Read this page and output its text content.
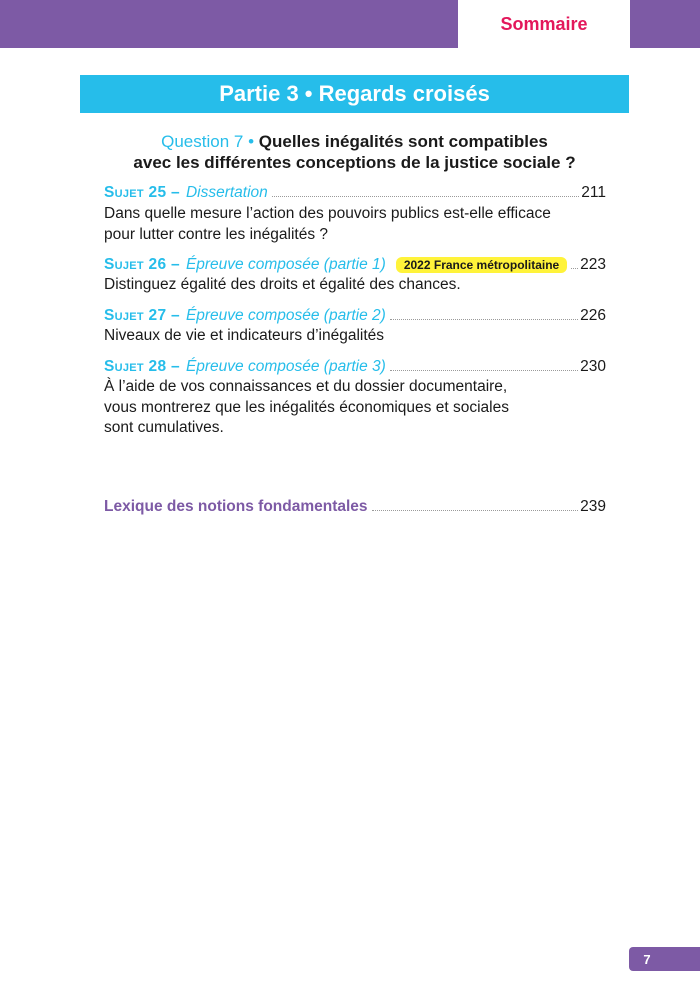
Sommaire
Partie 3 • Regards croisés
Question 7 • Quelles inégalités sont compatibles
avec les différentes conceptions de la justice sociale ?
Sujet 25 – Dissertation	211
Dans quelle mesure l’action des pouvoirs publics est-elle efficace
pour lutter contre les inégalités ?
Sujet 26 – Épreuve composée (partie 1)	2022 France métropolitaine	223
Distinguez égalité des droits et égalité des chances.
Sujet 27 – Épreuve composée (partie 2)	226
Niveaux de vie et indicateurs d’inégalités
Sujet 28 – Épreuve composée (partie 3)	230
À l’aide de vos connaissances et du dossier documentaire,
vous montrerez que les inégalités économiques et sociales
sont cumulatives.
Lexique des notions fondamentales	239
7
